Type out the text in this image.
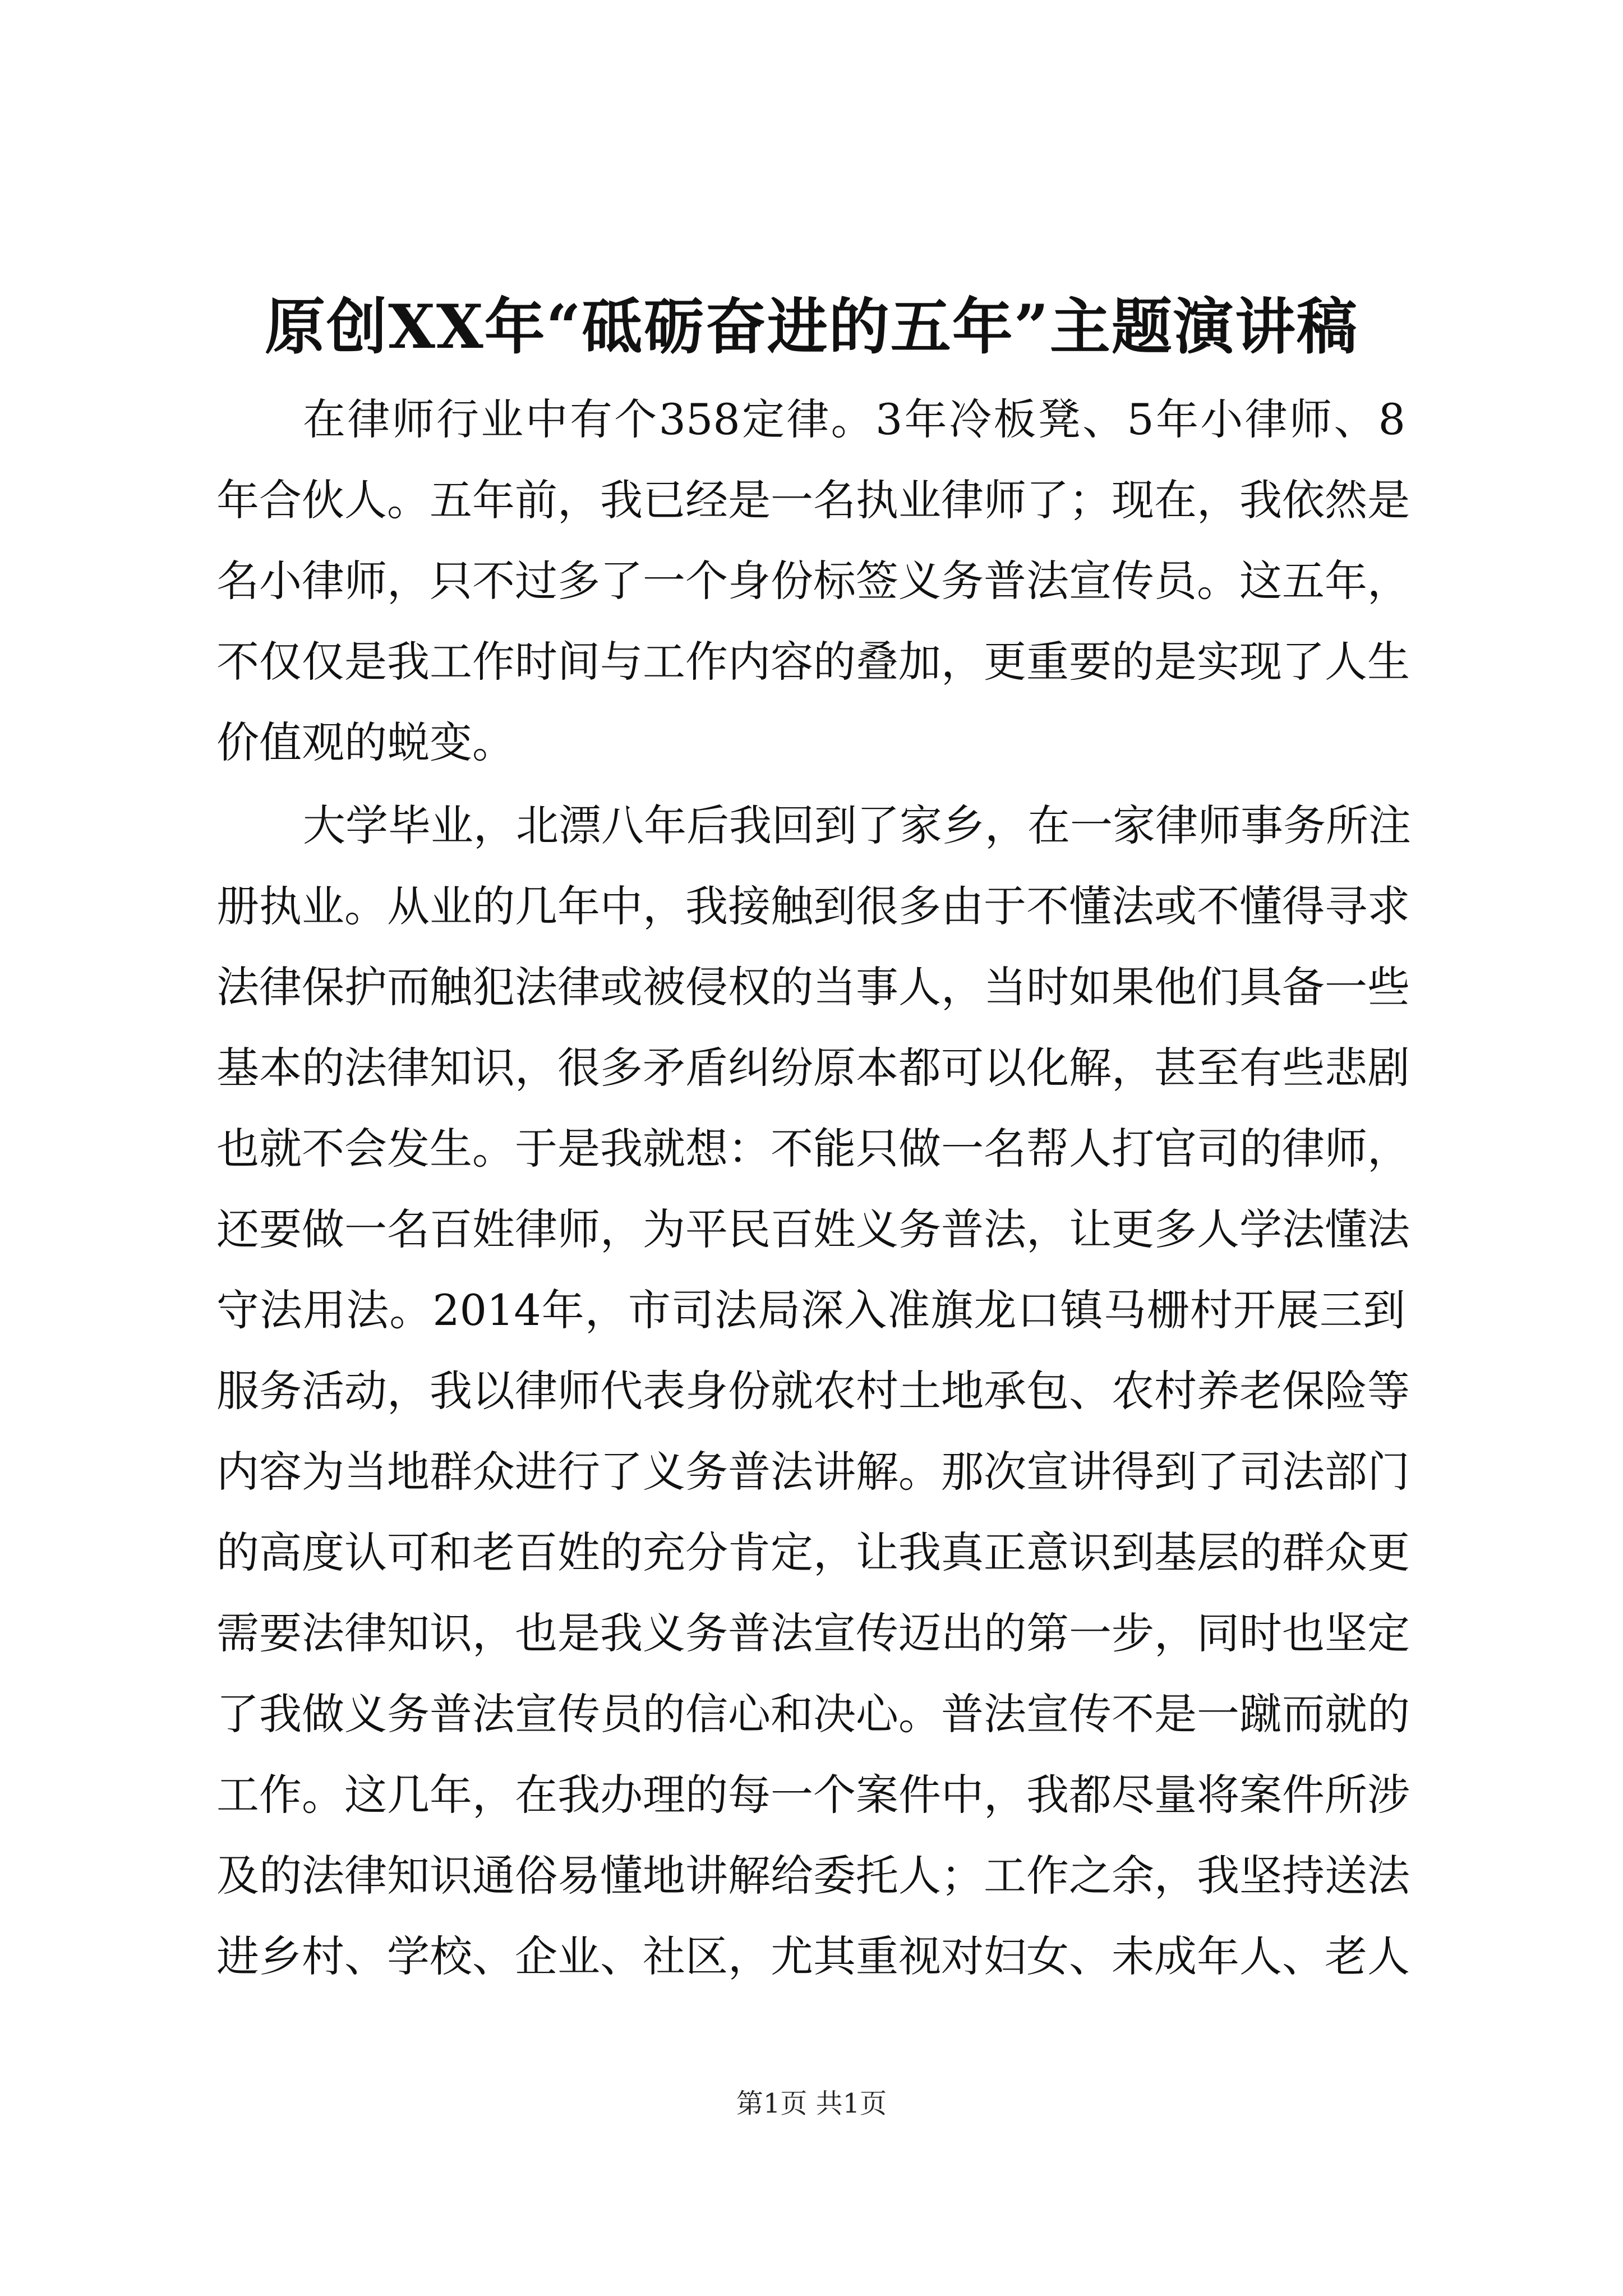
原创XX年“砥砺奋进的五年”主题演讲稿
在律师行业中有个358定律。3年冷板凳、5年小律师、8
年合伙人。五年前，我已经是一名执业律师了；现在，我依然是
名小律师，只不过多了一个身份标签义务普法宣传员。这五年，
不仅仅是我工作时间与工作内容的叠加，更重要的是实现了人生
价值观的蜕变。
大学毕业，北漂八年后我回到了家乡，在一家律师事务所注
册执业。从业的几年中，我接触到很多由于不懂法或不懂得寻求
法律保护而触犯法律或被侵权的当事人，当时如果他们具备一些
基本的法律知识，很多矛盾纠纷原本都可以化解，甚至有些悲剧
也就不会发生。于是我就想：不能只做一名帮人打官司的律师，
还要做一名百姓律师，为平民百姓义务普法，让更多人学法懂法
守法用法。2014年，市司法局深入准旗龙口镇马栅村开展三到
服务活动，我以律师代表身份就农村土地承包、农村养老保险等
内容为当地群众进行了义务普法讲解。那次宣讲得到了司法部门
的高度认可和老百姓的充分肯定，让我真正意识到基层的群众更
需要法律知识，也是我义务普法宣传迈出的第一步，同时也坚定
了我做义务普法宣传员的信心和决心。普法宣传不是一蹴而就的
工作。这几年，在我办理的每一个案件中，我都尽量将案件所涉
及的法律知识通俗易懂地讲解给委托人；工作之余，我坚持送法
进乡村、学校、企业、社区，尤其重视对妇女、未成年人、老人
第1页 共1页
